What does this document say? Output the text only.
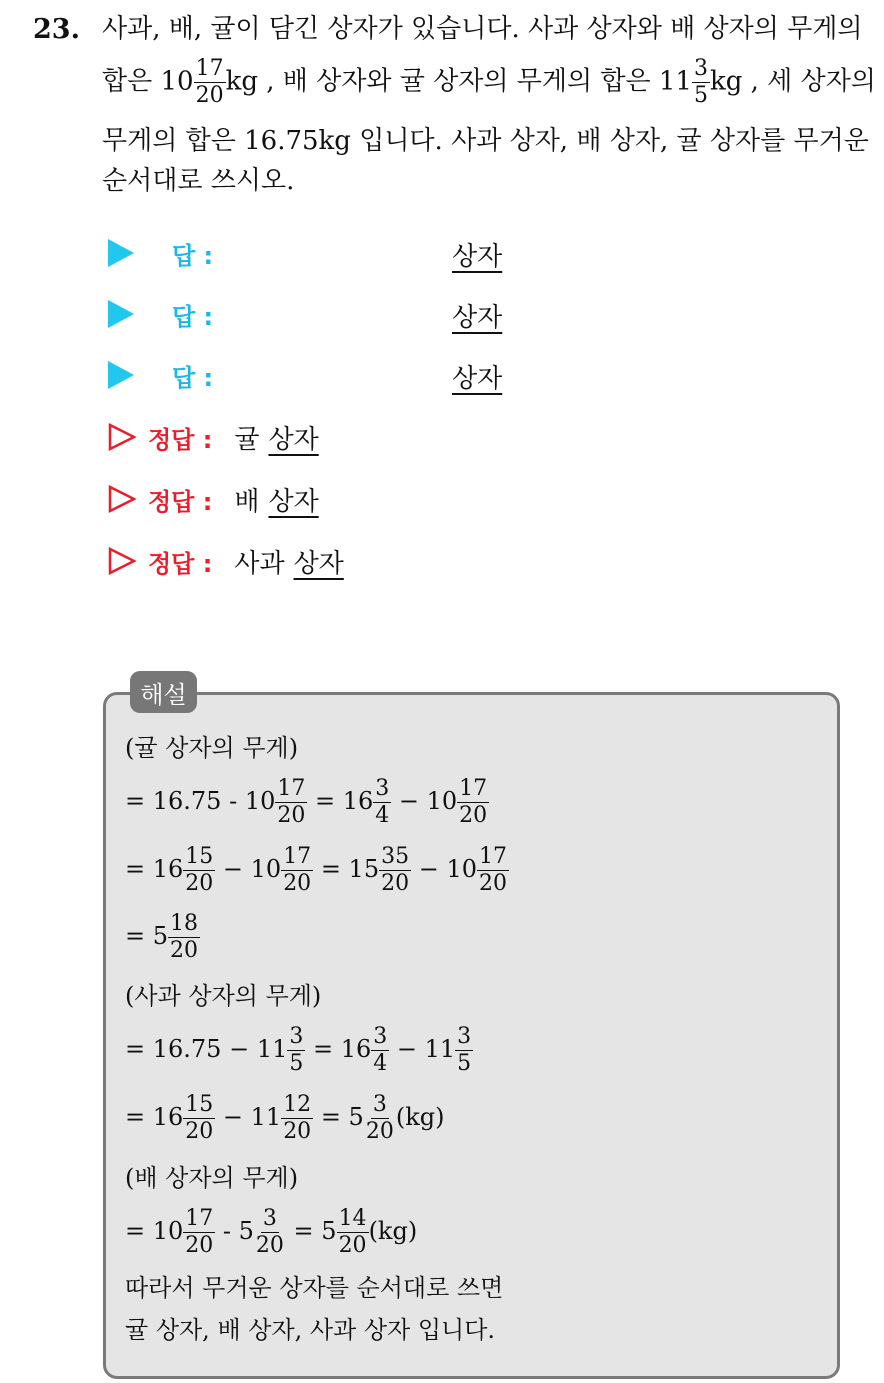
23. 사과, 배, 귤이 담긴 상자가 있습니다. 사과 상자와 배 상자의 무게의
합은 $10 \frac{17}{20}$ kg , 배 상자와 귤 상자의 무게의 합은 $11 \frac{3}{5}$ kg , 세 상자의
무게의 합은 16.75kg 입니다. 사과 상자, 배 상자, 귤 상자를 무거운
순서대로 쓰시오.
답 :	상자
답 :	상자
답 :	상자
정답 : 귤 상자
정답 : 배 상자
정답 : 사과 상자
해설
(귤 상자의 무게)
= $16.75 - 10 \frac{17}{20} = 16 \frac{3}{4} - 10 \frac{17}{20}$
= $16 \frac{15}{20} - 10 \frac{17}{20} = 15 \frac{35}{20} - 10 \frac{17}{20}$
= $5 \frac{18}{20}$
(사과 상자의 무게)
= $16.75 - 11 \frac{3}{5} = 16 \frac{3}{4} - 11 \frac{3}{5}$
= $16 \frac{15}{20} - 11 \frac{12}{20} = 5 \frac{3}{20} (kg)$
(배 상자의 무게)
= $10 \frac{17}{20} - 5 \frac{3}{20} = 5 \frac{14}{20} (kg)$
따라서 무거운 상자를 순서대로 쓰면
귤 상자, 배 상자, 사과 상자 입니다.
